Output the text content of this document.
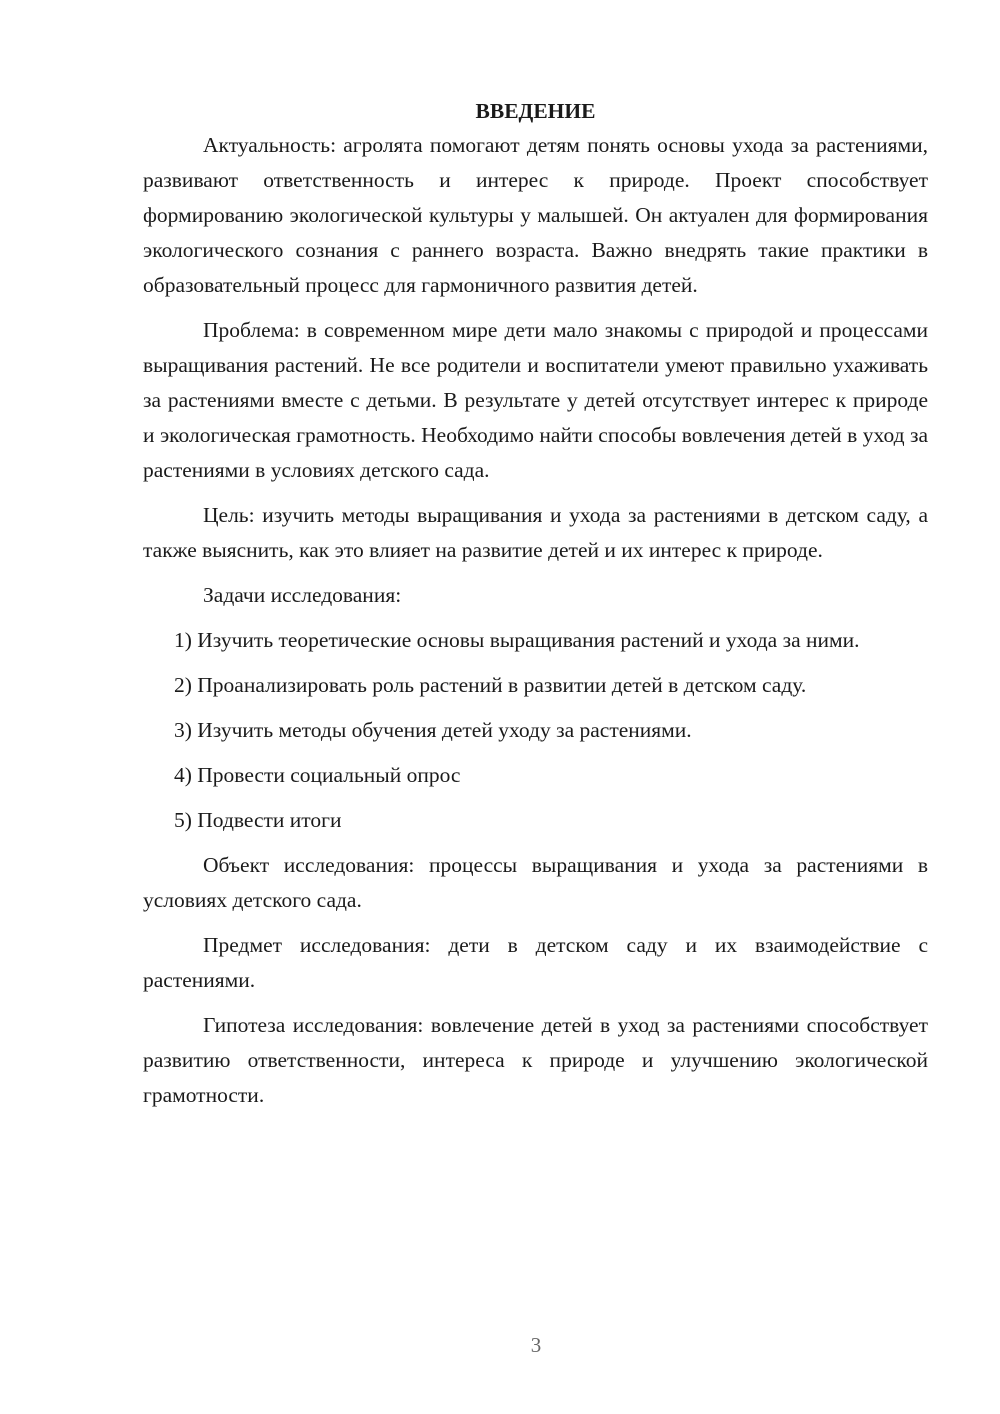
ВВЕДЕНИЕ

Актуальность: агролята помогают детям понять основы ухода за растениями, развивают ответственность и интерес к природе. Проект способствует формированию экологической культуры у малышей. Он актуален для формирования экологического сознания с раннего возраста. Важно внедрять такие практики в образовательный процесс для гармоничного развития детей.

Проблема: в современном мире дети мало знакомы с природой и процессами выращивания растений. Не все родители и воспитатели умеют правильно ухаживать за растениями вместе с детьми. В результате у детей отсутствует интерес к природе и экологическая грамотность. Необходимо найти способы вовлечения детей в уход за растениями в условиях детского сада.

Цель: изучить методы выращивания и ухода за растениями в детском саду, а также выяснить, как это влияет на развитие детей и их интерес к природе.

Задачи исследования:

1) Изучить теоретические основы выращивания растений и ухода за ними.

2) Проанализировать роль растений в развитии детей в детском саду.

3) Изучить методы обучения детей уходу за растениями.

4) Провести социальный опрос

5) Подвести итоги

Объект исследования: процессы выращивания и ухода за растениями в условиях детского сада.

Предмет исследования: дети в детском саду и их взаимодействие с растениями.

Гипотеза исследования: вовлечение детей в уход за растениями способствует развитию ответственности, интереса к природе и улучшению экологической грамотности.

3
